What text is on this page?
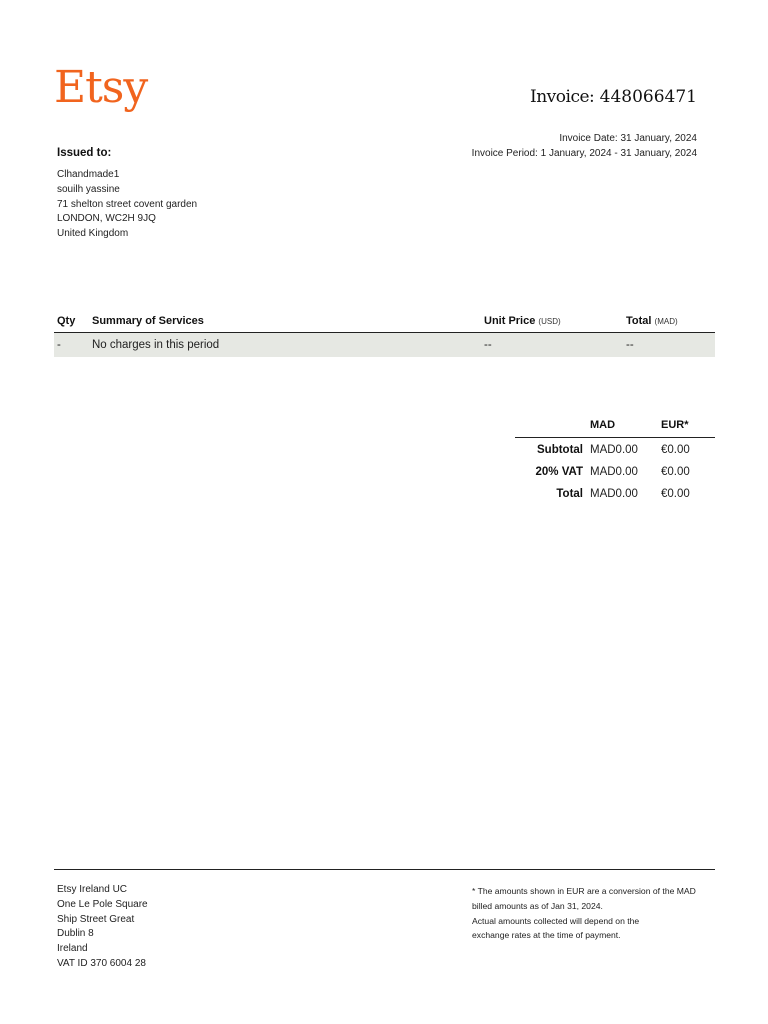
Etsy	Invoice: 448066471
Invoice Date: 31 January, 2024
Invoice Period: 1 January, 2024 - 31 January, 2024
Issued to:
Clhandmade1
souilh yassine
71 shelton street covent garden
LONDON, WC2H 9JQ
United Kingdom
Qty Summary of Services	Unit Price (USD)	Total (MAD)
-	No charges in this period	--	--
MAD	EUR*
Subtotal MAD0.00 €0.00
20% VAT MAD0.00 €0.00
Total MAD0.00 €0.00
Etsy Ireland UC
One Le Pole Square
Ship Street Great
Dublin 8
Ireland
VAT ID 370 6004 28
* The amounts shown in EUR are a conversion of the MAD
billed amounts as of Jan 31, 2024.
Actual amounts collected will depend on the
exchange rates at the time of payment.
